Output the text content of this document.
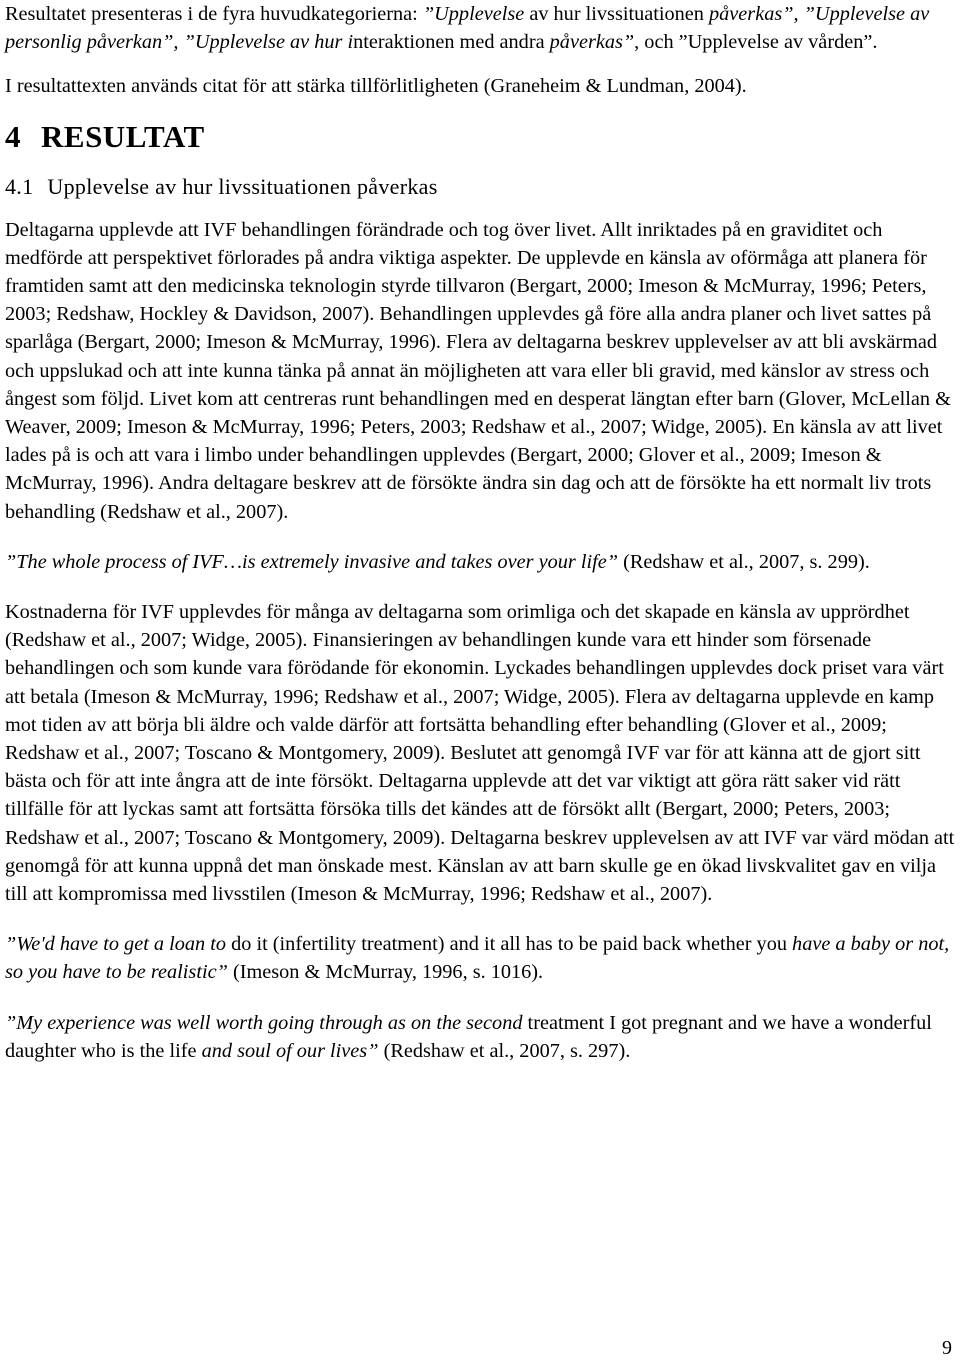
Resultatet presenteras i de fyra huvudkategorierna: ”Upplevelse av hur livssituationen påverkas”, ”Upplevelse av personlig påverkan”, ”Upplevelse av hur interaktionen med andra påverkas”, och ”Upplevelse av vården”.

I resultattexten används citat för att stärka tillförlitligheten (Graneheim & Lundman, 2004).

4 RESULTAT
4.1 Upplevelse av hur livssituationen påverkas

Deltagarna upplevde att IVF behandlingen förändrade och tog över livet. Allt inriktades på en graviditet och medförde att perspektivet förlorades på andra viktiga aspekter. De upplevde en känsla av oförmåga att planera för framtiden samt att den medicinska teknologin styrde tillvaron (Bergart, 2000; Imeson & McMurray, 1996; Peters, 2003; Redshaw, Hockley & Davidson, 2007). Behandlingen upplevdes gå före alla andra planer och livet sattes på sparlåga (Bergart, 2000; Imeson & McMurray, 1996). Flera av deltagarna beskrev upplevelser av att bli avskärmad och uppslukad och att inte kunna tänka på annat än möjligheten att vara eller bli gravid, med känslor av stress och ångest som följd. Livet kom att centreras runt behandlingen med en desperat längtan efter barn (Glover, McLellan & Weaver, 2009; Imeson & McMurray, 1996; Peters, 2003; Redshaw et al., 2007; Widge, 2005). En känsla av att livet lades på is och att vara i limbo under behandlingen upplevdes (Bergart, 2000; Glover et al., 2009; Imeson & McMurray, 1996). Andra deltagare beskrev att de försökte ändra sin dag och att de försökte ha ett normalt liv trots behandling (Redshaw et al., 2007).

”The whole process of IVF…is extremely invasive and takes over your life” (Redshaw et al., 2007, s. 299).

Kostnaderna för IVF upplevdes för många av deltagarna som orimliga och det skapade en känsla av upprördhet (Redshaw et al., 2007; Widge, 2005). Finansieringen av behandlingen kunde vara ett hinder som försenade behandlingen och som kunde vara förödande för ekonomin. Lyckades behandlingen upplevdes dock priset vara värt att betala (Imeson & McMurray, 1996; Redshaw et al., 2007; Widge, 2005). Flera av deltagarna upplevde en kamp mot tiden av att börja bli äldre och valde därför att fortsätta behandling efter behandling (Glover et al., 2009; Redshaw et al., 2007; Toscano & Montgomery, 2009). Beslutet att genomgå IVF var för att känna att de gjort sitt bästa och för att inte ångra att de inte försökt. Deltagarna upplevde att det var viktigt att göra rätt saker vid rätt tillfälle för att lyckas samt att fortsätta försöka tills det kändes att de försökt allt (Bergart, 2000; Peters, 2003; Redshaw et al., 2007; Toscano & Montgomery, 2009). Deltagarna beskrev upplevelsen av att IVF var värd mödan att genomgå för att kunna uppnå det man önskade mest. Känslan av att barn skulle ge en ökad livskvalitet gav en vilja till att kompromissa med livsstilen (Imeson & McMurray, 1996; Redshaw et al., 2007).

”We'd have to get a loan to do it (infertility treatment) and it all has to be paid back whether you have a baby or not, so you have to be realistic” (Imeson & McMurray, 1996, s. 1016).

”My experience was well worth going through as on the second treatment I got pregnant and we have a wonderful daughter who is the life and soul of our lives” (Redshaw et al., 2007, s. 297).

9
